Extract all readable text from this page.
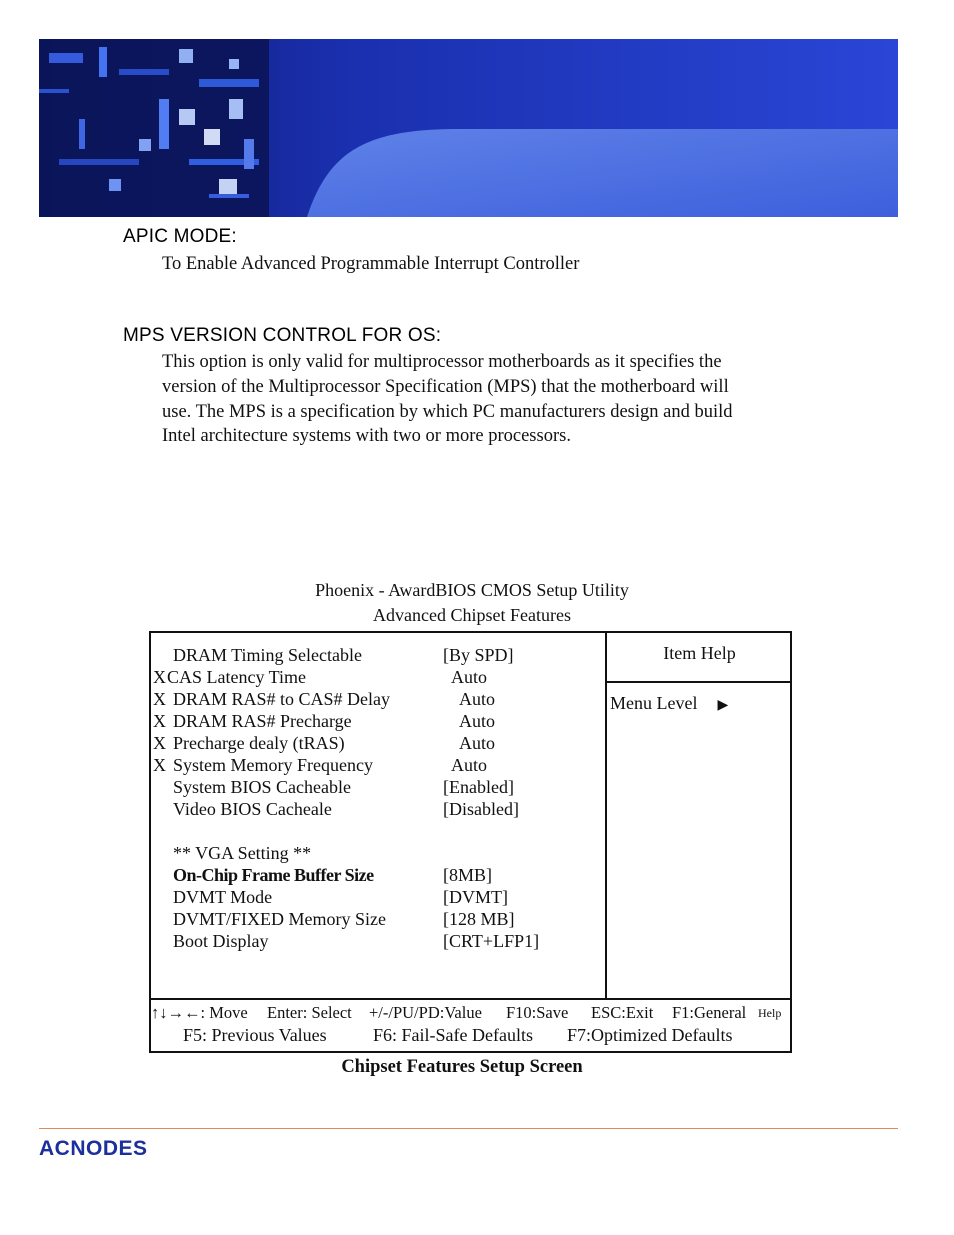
APIC MODE:
To Enable Advanced Programmable Interrupt Controller
MPS VERSION CONTROL FOR OS:
This option is only valid for multiprocessor motherboards as it specifies the
version of the Multiprocessor Specification (MPS) that the motherboard will
use. The MPS is a specification by which PC manufacturers design and build
Intel architecture systems with two or more processors.
Phoenix - AwardBIOS CMOS Setup Utility
Advanced Chipset Features
DRAM Timing Selectable	[By SPD]
X CAS Latency Time	Auto
X DRAM RAS# to CAS# Delay	Auto
X DRAM RAS# Precharge	Auto
X Precharge dealy (tRAS)	Auto
X System Memory Frequency	Auto
System BIOS Cacheable	[Enabled]
Video BIOS Cacheale	[Disabled]
** VGA Setting **
On-Chip Frame Buffer Size	[8MB]
DVMT Mode	[DVMT]
DVMT/FIXED Memory Size	[128 MB]
Boot Display	[CRT+LFP1]
Item Help
Menu Level ▶
↑↓→←: Move Enter: Select +/-/PU/PD:Value F10:Save ESC:Exit F1:General Help
F5: Previous Values	F6: Fail-Safe Defaults F7:Optimized Defaults
Chipset Features Setup Screen
ACNODES
